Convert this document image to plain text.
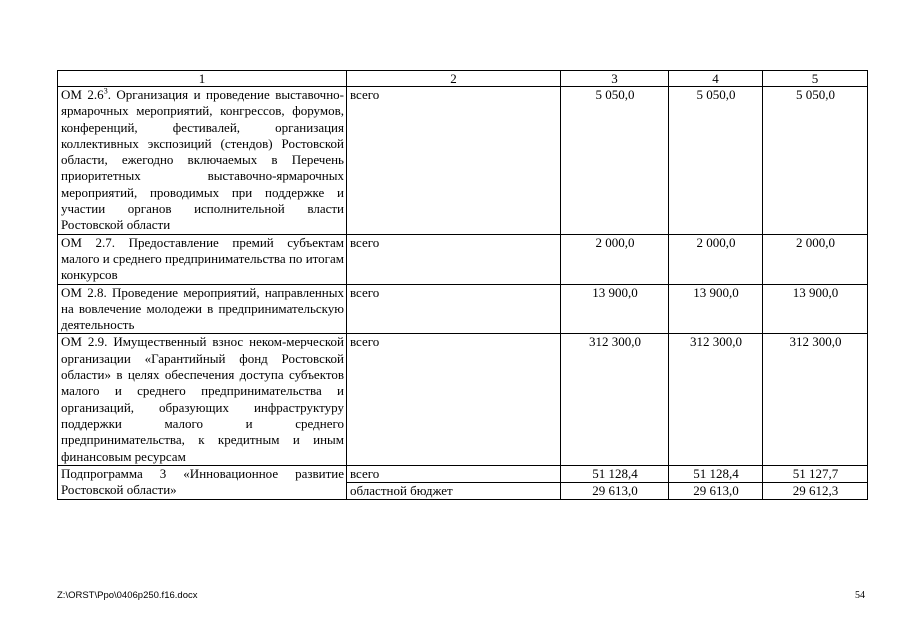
1	2	3	4	5
ОМ $2.6^3$. Организация и проведение выставочно-ярмарочных мероприятий, конгрессов, форумов, конференций, фестивалей, организация коллективных экспозиций (стендов) Ростовской области, ежегодно включаемых в Перечень приоритетных выставочно-ярмарочных мероприятий, проводимых при поддержке и участии органов исполнительной власти Ростовской области	всего	5 050,0	5 050,0	5 050,0
ОМ 2.7. Предоставление премий субъектам малого и среднего предпринимательства по итогам конкурсов	всего	2 000,0	2 000,0	2 000,0
ОМ 2.8. Проведение мероприятий, направленных на вовлечение молодежи в предпринимательскую деятельность	всего	13 900,0	13 900,0	13 900,0
ОМ 2.9. Имущественный взнос неком-мерческой организации «Гарантийный фонд Ростовской области» в целях обеспечения доступа субъектов малого и среднего предпринимательства и организаций, образующих инфраструктуру поддержки малого и среднего предпринимательства, к кредитным и иным финансовым ресурсам	всего	312 300,0	312 300,0	312 300,0
Подпрограмма 3 «Инновационное развитие Ростовской области»	всего	51 128,4	51 128,4	51 127,7
	областной бюджет	29 613,0	29 613,0	29 612,3
Z:\ORST\Ppo\0406p250.f16.docx	54
